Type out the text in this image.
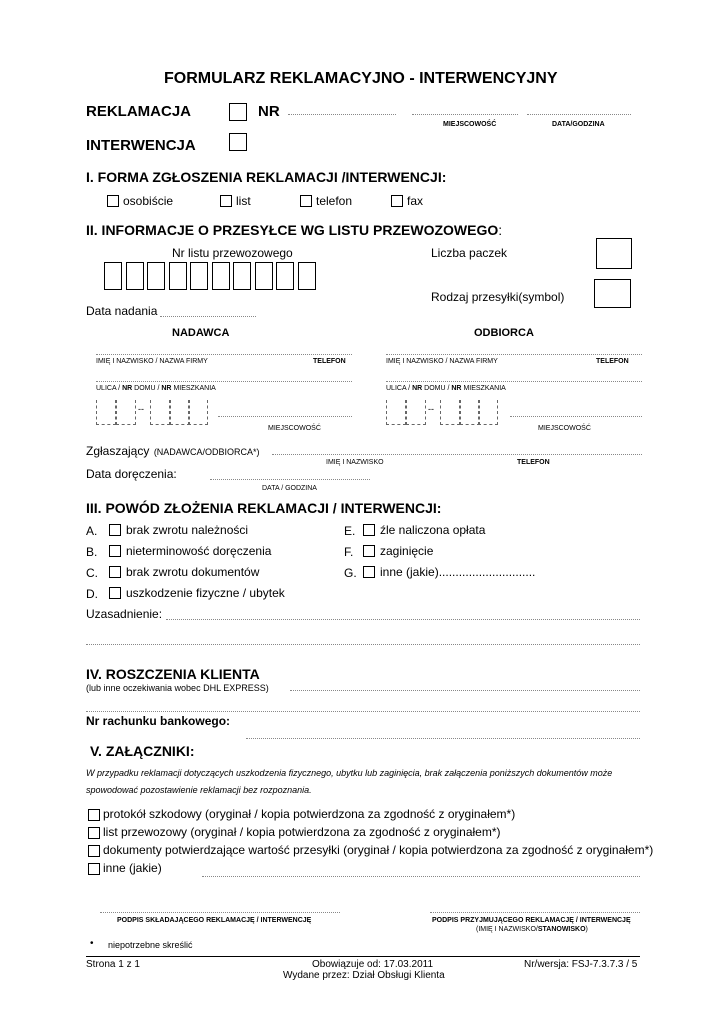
FORMULARZ REKLAMACYJNO - INTERWENCYJNY
REKLAMACJA	NR
MIEJSCOWOŚĆ	DATA/GODZINA
INTERWENCJA
I. FORMA ZGŁOSZENIA REKLAMACJI /INTERWENCJI:
osobiście	list	telefon	fax
II. INFORMACJE O PRZESYŁCE WG LISTU PRZEWOZOWEGO:
Nr listu przewozowego	Liczba paczek
Rodzaj przesyłki(symbol)
Data nadania
NADAWCA	ODBIORCA
IMIĘ I NAZWISKO / NAZWA FIRMY	TELEFON
ULICA / NR DOMU / NR MIESZKANIA
--
MIEJSCOWOŚĆ
IMIĘ I NAZWISKO / NAZWA FIRMY	TELEFON
ULICA / NR DOMU / NR MIESZKANIA
--
MIEJSCOWOŚĆ
Zgłaszający (NADAWCA/ODBIORCA*)
IMIĘ I NAZWISKO	TELEFON
Data doręczenia:
DATA / GODZINA
III. POWÓD ZŁOŻENIA REKLAMACJI / INTERWENCJI:
A. brak zwrotu należności
B. nieterminowość doręczenia
C. brak zwrotu dokumentów
D. uszkodzenie fizyczne / ubytek
E. źle naliczona opłata
F. zaginięcie
G. inne (jakie).............................
Uzasadnienie:
IV. ROSZCZENIA KLIENTA
(lub inne oczekiwania wobec DHL EXPRESS)
Nr rachunku bankowego:
V. ZAŁĄCZNIKI:
W przypadku reklamacji dotyczących uszkodzenia fizycznego, ubytku lub zaginięcia, brak załączenia poniższych dokumentów może
spowodować pozostawienie reklamacji bez rozpoznania.
protokół szkodowy (oryginał / kopia potwierdzona za zgodność z oryginałem*)
list przewozowy (oryginał / kopia potwierdzona za zgodność z oryginałem*)
dokumenty potwierdzające wartość przesyłki (oryginał / kopia potwierdzona za zgodność z oryginałem*)
inne (jakie)
PODPIS SKŁADAJĄCEGO REKLAMACJĘ / INTERWENCJĘ	PODPIS PRZYJMUJĄCEGO REKLAMACJĘ / INTERWENCJĘ
(IMIĘ I NAZWISKO/STANOWISKO)
• niepotrzebne skreślić
Strona 1 z 1	Obowiązuje od: 17.03.2011
Wydane przez: Dział Obsługi Klienta
Nr/wersja: FSJ-7.3.7.3 / 5
